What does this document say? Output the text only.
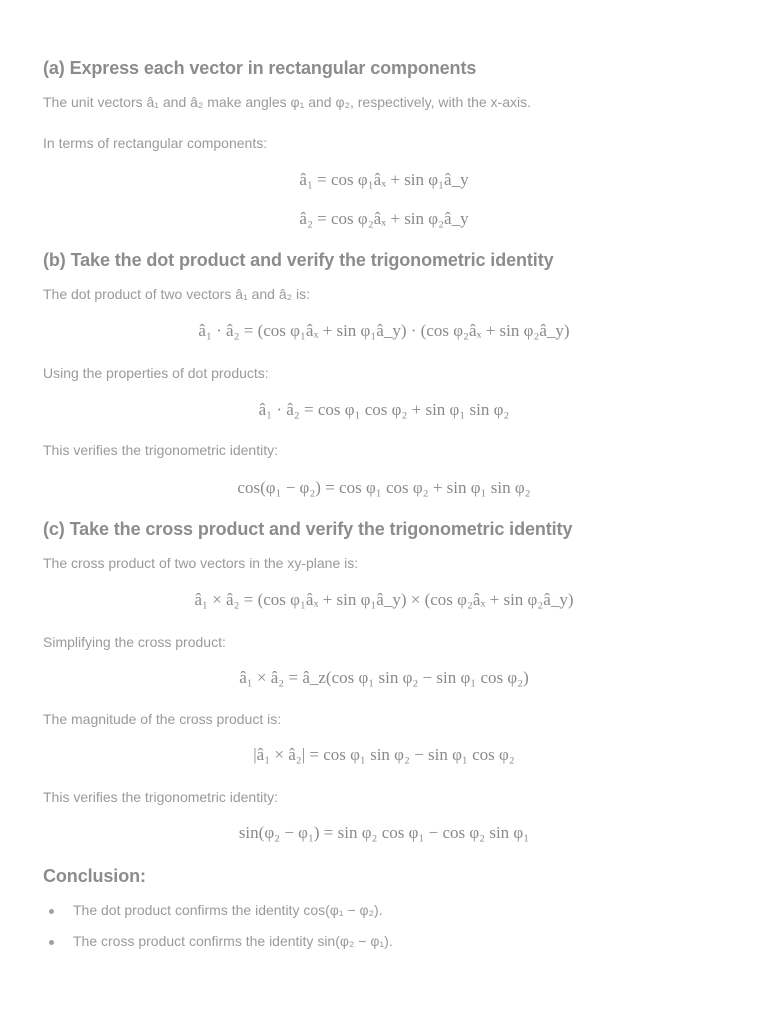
(a) Express each vector in rectangular components
The unit vectors â₁ and â₂ make angles φ₁ and φ₂, respectively, with the x-axis.
In terms of rectangular components:
â₁ = cos φ₁âₓ + sin φ₁â_y
â₂ = cos φ₂âₓ + sin φ₂â_y
(b) Take the dot product and verify the trigonometric identity
The dot product of two vectors â₁ and â₂ is:
â₁ · â₂ = (cos φ₁âₓ + sin φ₁â_y) · (cos φ₂âₓ + sin φ₂â_y)
Using the properties of dot products:
â₁ · â₂ = cos φ₁ cos φ₂ + sin φ₁ sin φ₂
This verifies the trigonometric identity:
cos(φ₁ − φ₂) = cos φ₁ cos φ₂ + sin φ₁ sin φ₂
(c) Take the cross product and verify the trigonometric identity
The cross product of two vectors in the xy-plane is:
â₁ × â₂ = (cos φ₁âₓ + sin φ₁â_y) × (cos φ₂âₓ + sin φ₂â_y)
Simplifying the cross product:
â₁ × â₂ = â_z(cos φ₁ sin φ₂ − sin φ₁ cos φ₂)
The magnitude of the cross product is:
|â₁ × â₂| = cos φ₁ sin φ₂ − sin φ₁ cos φ₂
This verifies the trigonometric identity:
sin(φ₂ − φ₁) = sin φ₂ cos φ₁ − cos φ₂ sin φ₁
Conclusion:
The dot product confirms the identity cos(φ₁ − φ₂).
The cross product confirms the identity sin(φ₂ − φ₁).
